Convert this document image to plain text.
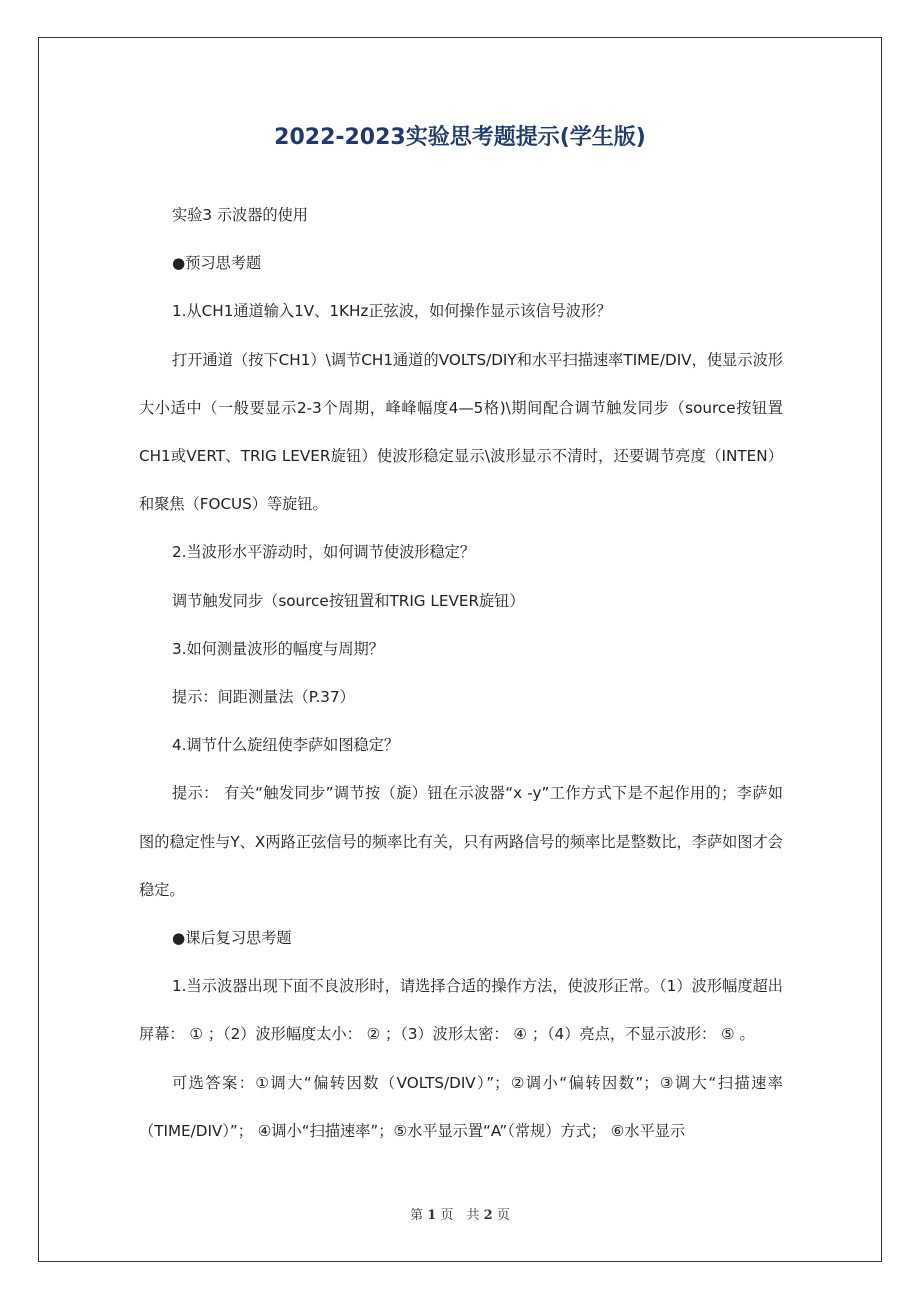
2022-2023实验思考题提示(学生版)

实验3 示波器的使用

●预习思考题

1.从CH1通道输入1V、1KHz正弦波，如何操作显示该信号波形？

打开通道（按下CH1）\调节CH1通道的VOLTS/DIY和水平扫描速率TIME/DIV，使显示波形大小适中（一般要显示2-3个周期，峰峰幅度4—5格)\期间配合调节触发同步（source按钮置CH1或VERT、TRIG LEVER旋钮）使波形稳定显示\波形显示不清时，还要调节亮度（INTEN）和聚焦（FOCUS）等旋钮。

2.当波形水平游动时，如何调节使波形稳定？

调节触发同步（source按钮置和TRIG LEVER旋钮）

3.如何测量波形的幅度与周期？

提示：间距测量法（P.37）

4.调节什么旋纽使李萨如图稳定？

提示： 有关“触发同步”调节按（旋）钮在示波器“x -y”工作方式下是不起作用的；李萨如图的稳定性与Y、X两路正弦信号的频率比有关，只有两路信号的频率比是整数比，李萨如图才会稳定。

●课后复习思考题

1.当示波器出现下面不良波形时，请选择合适的操作方法，使波形正常。（1）波形幅度超出屏幕： ① ；（2）波形幅度太小： ② ；（3）波形太密： ④ ；（4）亮点，不显示波形： ⑤ 。

可选答案：①调大“偏转因数（VOLTS/DIV）”；②调小“偏转因数”；③调大“扫描速率（TIME/DIV）”； ④调小“扫描速率”；⑤水平显示置“A”（常规）方式； ⑥水平显示

第 1 页　共 2 页
